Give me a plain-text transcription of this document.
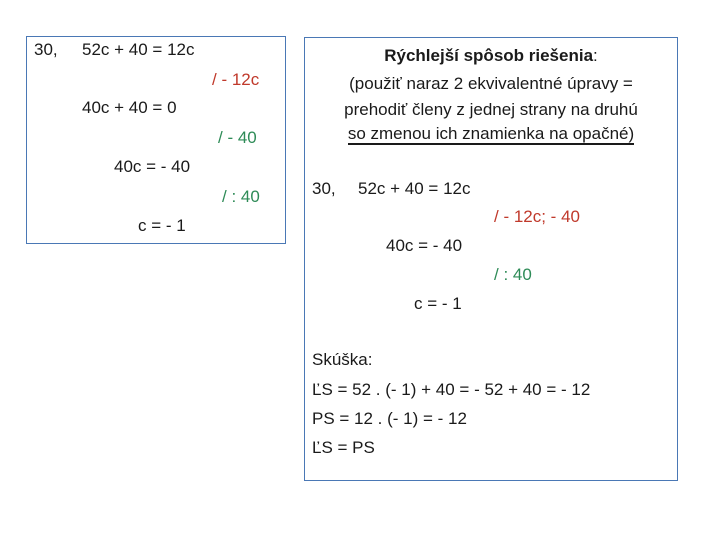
30, 52c + 40 = 12c
/ - 12c
40c + 40 = 0
/ - 40
40c = - 40
/ : 40
c = - 1
Rýchlejší spôsob riešenia:
(použiť naraz 2 ekvivalentné úpravy =
prehodiť členy z jednej strany na druhú
so zmenou ich znamienka na opačné)
30, 52c + 40 = 12c
/ - 12c; - 40
40c = - 40
/ : 40
c = - 1
Skúška:
ĽS = 52 . (- 1) + 40 = - 52 + 40 = - 12
PS = 12 . (- 1) = - 12
ĽS = PS
